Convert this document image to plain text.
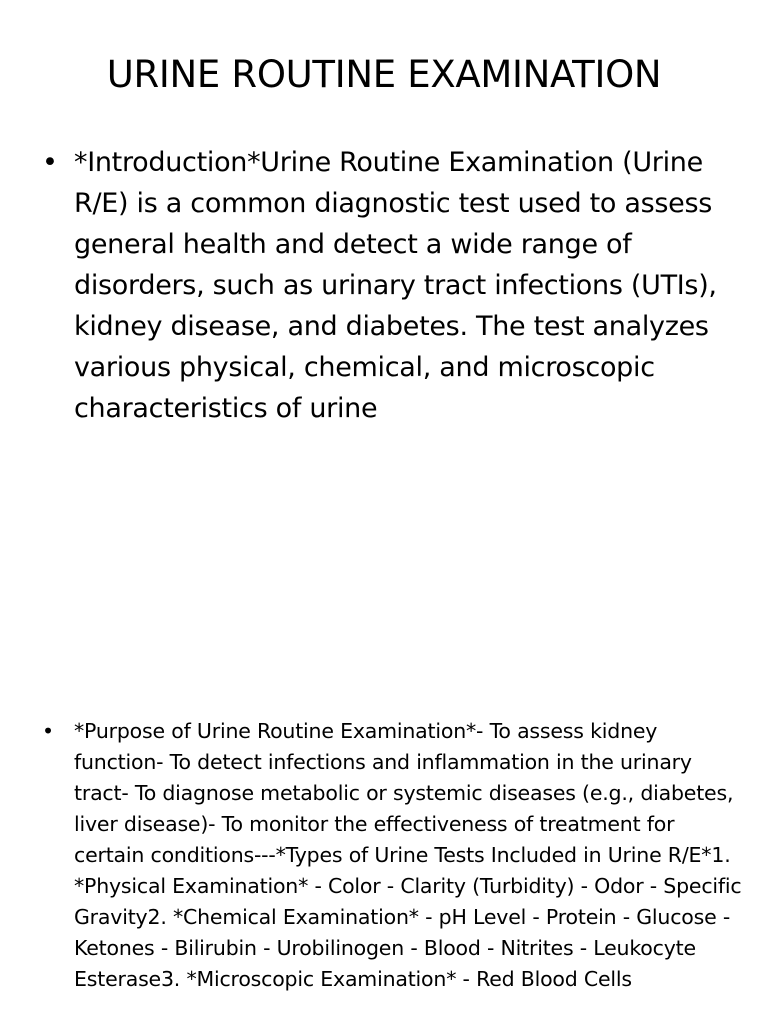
URINE ROUTINE EXAMINATION
• *Introduction*Urine Routine Examination (Urine R/E) is a common diagnostic test used to assess general health and detect a wide range of disorders, such as urinary tract infections (UTIs), kidney disease, and diabetes. The test analyzes various physical, chemical, and microscopic characteristics of urine
• *Purpose of Urine Routine Examination*- To assess kidney function- To detect infections and inflammation in the urinary tract- To diagnose metabolic or systemic diseases (e.g., diabetes, liver disease)- To monitor the effectiveness of treatment for certain conditions---*Types of Urine Tests Included in Urine R/E*1. *Physical Examination* - Color - Clarity (Turbidity) - Odor - Specific Gravity2. *Chemical Examination* - pH Level - Protein - Glucose - Ketones - Bilirubin - Urobilinogen - Blood - Nitrites - Leukocyte Esterase3. *Microscopic Examination* - Red Blood Cells
